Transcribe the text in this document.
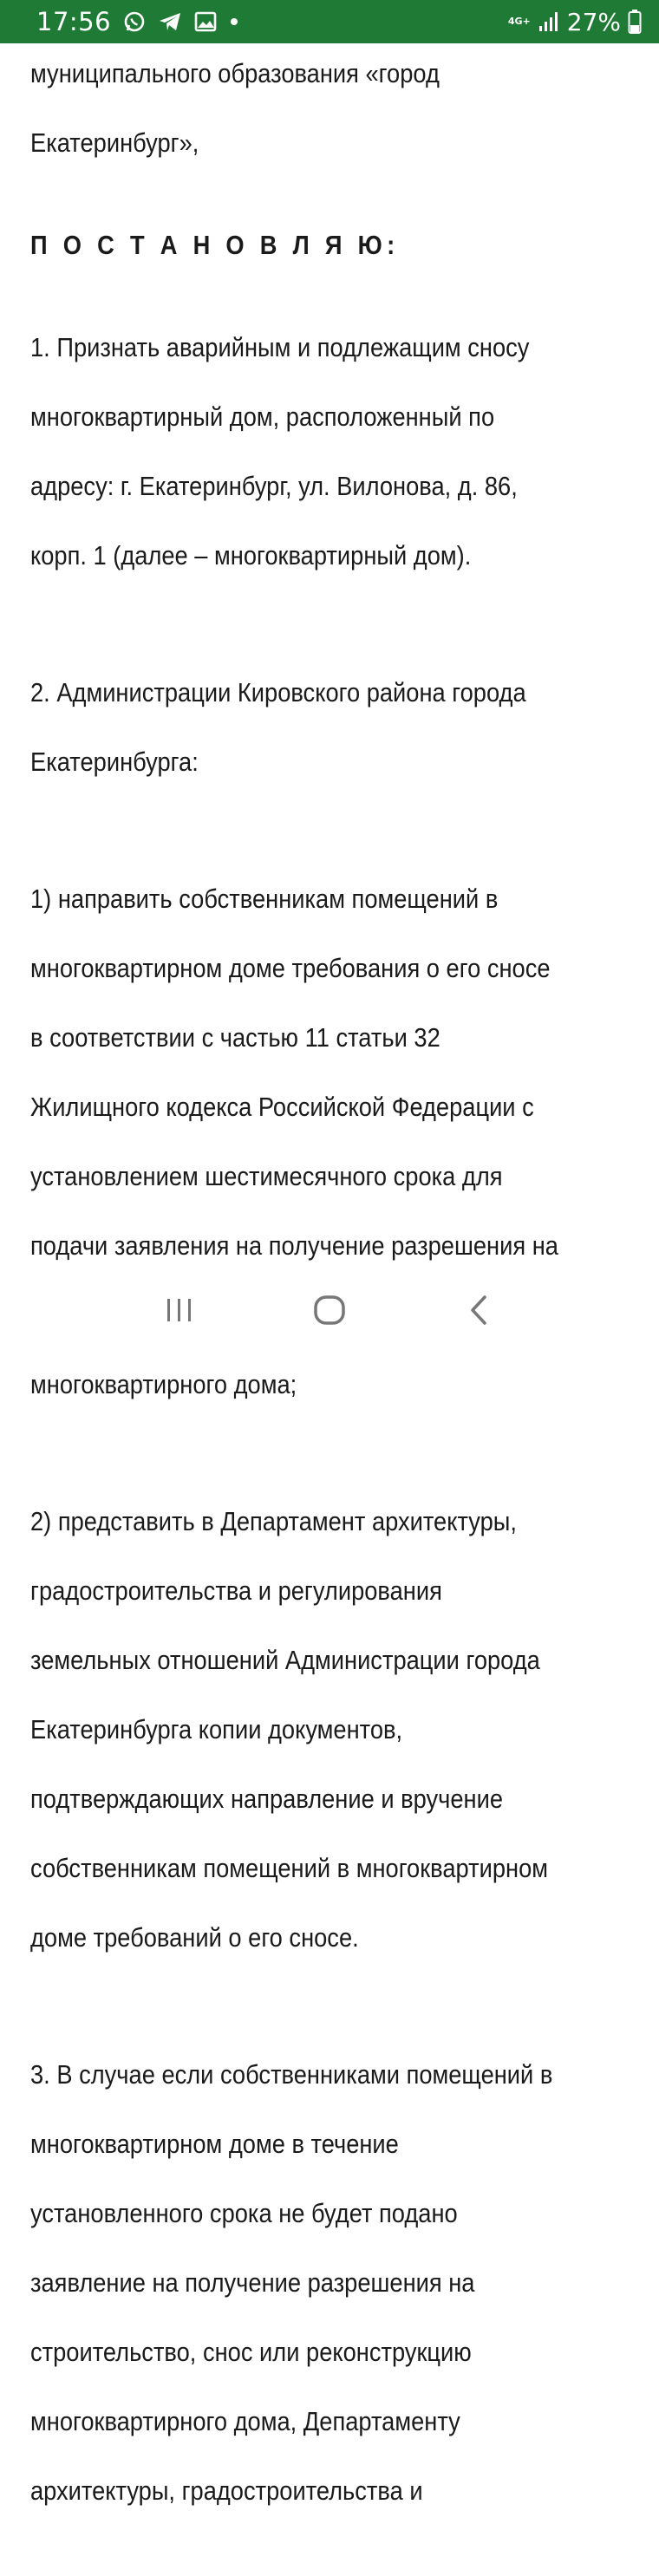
17:56	4G+ 27%

муниципального образования «город

Екатеринбург»,

П О С Т А Н О В Л Я Ю:

1. Признать аварийным и подлежащим сносу

многоквартирный дом, расположенный по

адресу: г. Екатеринбург, ул. Вилонова, д. 86,

корп. 1 (далее – многоквартирный дом).

2. Администрации Кировского района города

Екатеринбурга:

1) направить собственникам помещений в

многоквартирном доме требования о его сносе

в соответствии с частью 11 статьи 32

Жилищного кодекса Российской Федерации с

установлением шестимесячного срока для

подачи заявления на получение разрешения на

многоквартирного дома;

2) представить в Департамент архитектуры,

градостроительства и регулирования

земельных отношений Администрации города

Екатеринбурга копии документов,

подтверждающих направление и вручение

собственникам помещений в многоквартирном

доме требований о его сносе.

3. В случае если собственниками помещений в

многоквартирном доме в течение

установленного срока не будет подано

заявление на получение разрешения на

строительство, снос или реконструкцию

многоквартирного дома, Департаменту

архитектуры, градостроительства и
